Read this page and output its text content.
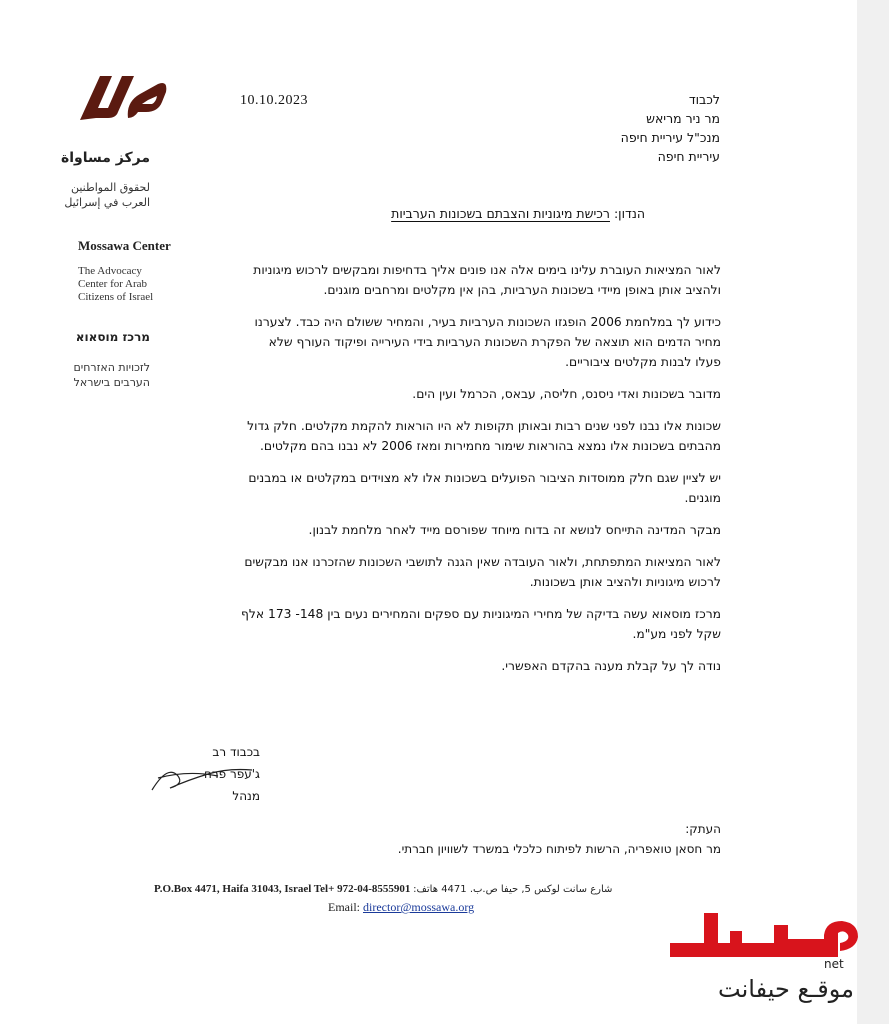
مركز مساواة
لحقوق المواطنين
العرب في إسرائيل
Mossawa Center
The Advocacy
Center for Arab
Citizens of Israel
מרכז מוסאוא
לזכויות האזרחים
הערבים בישראל
10.10.2023	לכבוד
מר ניר מריאש
מנכ"ל עיריית חיפה
עיריית חיפה
הנדון: רכישת מיגוניות והצבתם בשכונות הערביות

לאור המציאות העוברת עלינו בימים אלה אנו פונים אליך בדחיפות ומבקשים לרכוש מיגוניות ולהציב אותן באופן מיידי בשכונות הערביות, בהן אין מקלטים ומרחבים מוגנים.

כידוע לך במלחמת 2006 הופגזו השכונות הערביות בעיר, והמחיר ששולם היה כבד. לצערנו מחיר הדמים הוא תוצאה של הפקרת השכונות הערביות בידי העירייה ופיקוד העורף שלא פעלו לבנות מקלטים ציבוריים.

מדובר בשכונות ואדי ניסנס, חליסה, עבאס, הכרמל ועין הים.

שכונות אלו נבנו לפני שנים רבות ובאותן תקופות לא היו הוראות להקמת מקלטים. חלק גדול מהבתים בשכונות אלו נמצא בהוראות שימור מחמירות ומאז 2006 לא נבנו בהם מקלטים.

יש לציין שגם חלק ממוסדות הציבור הפועלים בשכונות אלו לא מצוידים במקלטים או במבנים מוגנים.

מבקר המדינה התייחס לנושא זה בדוח מיוחד שפורסם מייד לאחר מלחמת לבנון.

לאור המציאות המתפתחת, ולאור העובדה שאין הגנה לתושבי השכונות שהזכרנו אנו מבקשים לרכוש מיגוניות ולהציב אותן בשכונות.

מרכז מוסאוא עשה בדיקה של מחירי המיגוניות עם ספקים והמחירים נעים בין 148- 173 אלף שקל לפני מע"מ.

נודה לך על קבלת מענה בהקדם האפשרי.

בכבוד רב
ג'עפר פרח
מנהל
העתק:
מר חסאן טואפריה, הרשות לפיתוח כלכלי במשרד לשוויון חברתי.
P.O.Box 4471, Haifa 31043, Israel Tel+ 972-04-8555901 شارع سانت لوكس 5, حيفا ص.ب. 4471 هاتف:
Email: director@mossawa.org
Haifa	net
موقـع حيفانت
